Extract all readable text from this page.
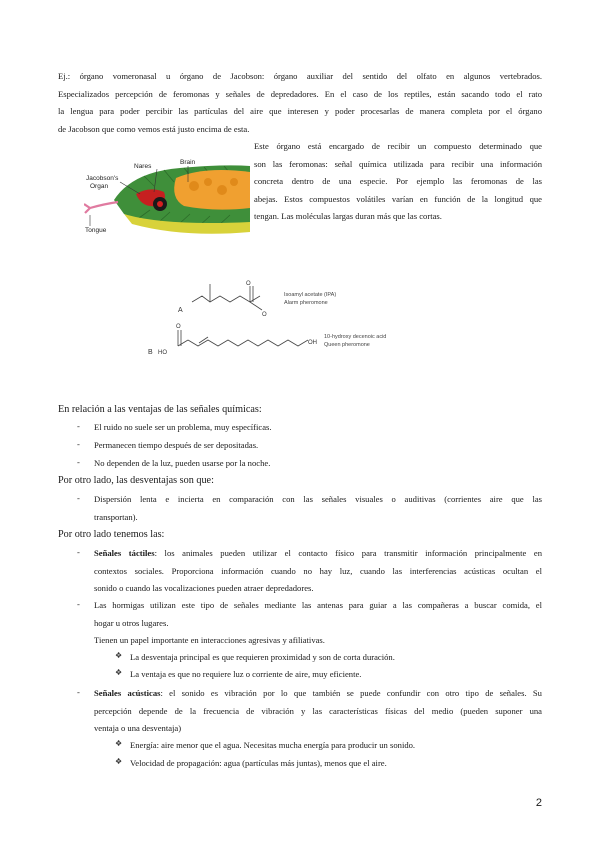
Ej.: órgano vomeronasal u órgano de Jacobson: órgano auxiliar del sentido del olfato en algunos vertebrados.
Especializados percepción de feromonas y señales de depredadores. En el caso de los reptiles, están sacando todo el rato
la lengua para poder percibir las partículas del aire que interesen y poder procesarlas de manera completa por el órgano
de Jacobson que como vemos está justo encima de esta.
Nares
Brain
Jacobson's
Organ
Tongue
Este órgano está encargado de recibir un compuesto determinado que
son las feromonas: señal química utilizada para recibir una información
concreta dentro de una especie. Por ejemplo las feromonas de las
abejas. Estos compuestos volátiles varían en función de la longitud que
tengan. Las moléculas largas duran más que las cortas.
A
O
O
Isoamyl acetate (IPA)
Alarm pheromone
B HO
O
OH
10-hydroxy decenoic acid
Queen pheromone
En relación a las ventajas de las señales químicas:
- El ruido no suele ser un problema, muy específicas.
- Permanecen tiempo después de ser depositadas.
- No dependen de la luz, pueden usarse por la noche.
Por otro lado, las desventajas son que:
- Dispersión lenta e incierta en comparación con las señales visuales o auditivas (corrientes aire que las
transportan).
Por otro lado tenemos las:
- Señales táctiles: los animales pueden utilizar el contacto físico para transmitir información principalmente en
contextos sociales. Proporciona información cuando no hay luz, cuando las interferencias acústicas ocultan el
sonido o cuando las vocalizaciones pueden atraer depredadores.
- Las hormigas utilizan este tipo de señales mediante las antenas para guiar a las compañeras a buscar comida, el
hogar u otros lugares.
Tienen un papel importante en interacciones agresivas y afiliativas.
❖ La desventaja principal es que requieren proximidad y son de corta duración.
❖ La ventaja es que no requiere luz o corriente de aire, muy eficiente.
- Señales acústicas: el sonido es vibración por lo que también se puede confundir con otro tipo de señales. Su
percepción depende de la frecuencia de vibración y las características físicas del medio (pueden suponer una
ventaja o una desventaja)
❖ Energía: aire menor que el agua. Necesitas mucha energía para producir un sonido.
❖ Velocidad de propagación: agua (partículas más juntas), menos que el aire.
2
